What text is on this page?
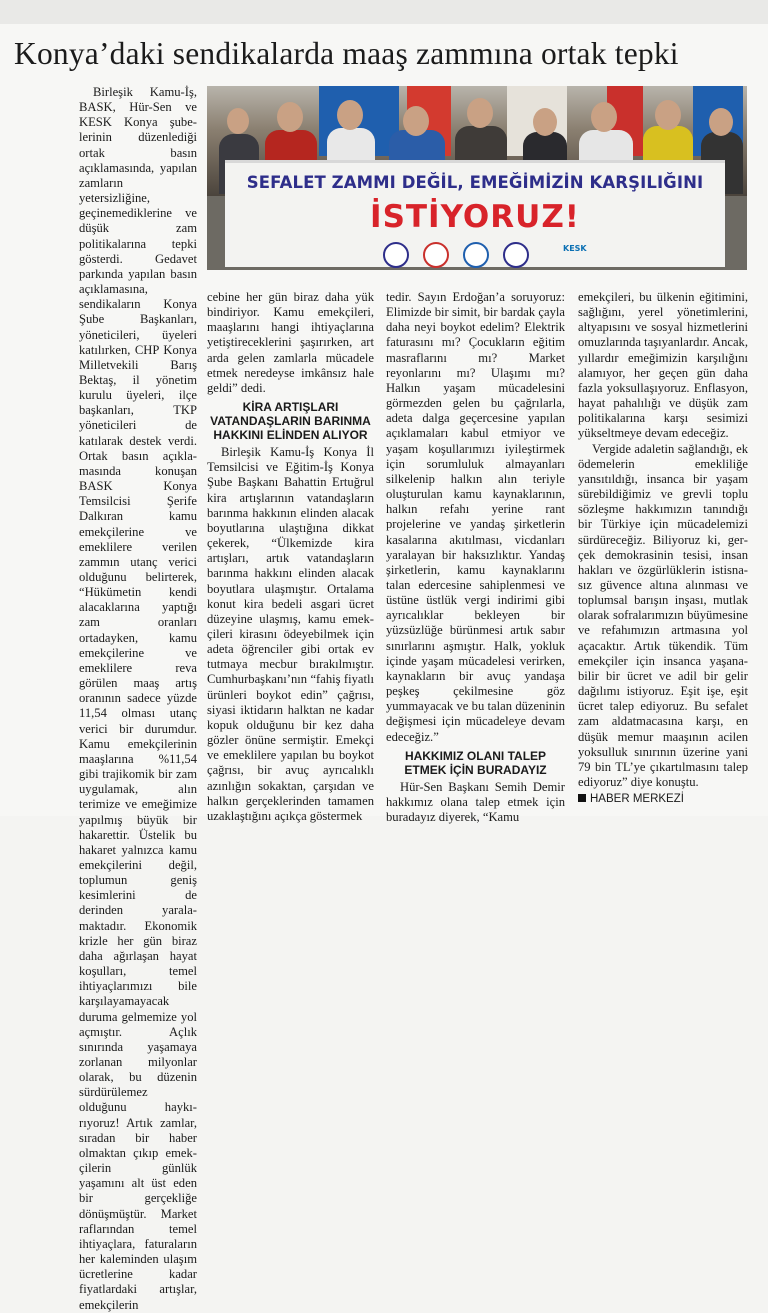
Konya’daki sendikalarda maaş zammına ortak tepki

Birleşik Kamu-İş, BASK, Hür-Sen ve KESK Konya şubelerinin düzenlediği ortak basın açıklamasında, yapılan zamların yetersizliğine, geçinemediklerine ve düşük zam politikalarına tepki gösterdi. Gedavet parkında yapılan basın açıklamasına, sendikaların Konya Şube Başkanları, yöneticileri, üyeleri katılırken, CHP Konya Milletvekili Barış Bektaş, il yönetim kurulu üyeleri, ilçe başkanları, TKP yöneticileri de katılarak destek verdi. Ortak basın açıklamasında konuşan BASK Konya Temsilcisi Şerife Dalkıran kamu emekçilerine ve emeklilere verilen zammın utanç verici olduğunu belirterek, “Hükümetin kendi alacaklarına yaptığı zam oranları ortadayken, kamu emekçilerine ve emeklilere reva görülen maaş artış oranının sadece yüzde 11,54 olması utanç verici bir durumdur. Kamu emekçilerinin maaşlarına %11,54 gibi trajikomik bir zam uygulamak, alın terimize ve emeğimize yapılmış büyük bir hakarettir. Üstelik bu hakaret yalnızca kamu emekçilerini değil, toplumun geniş kesimlerini de derinden yaralamaktadır. Ekonomik krizle her gün biraz daha ağırlaşan hayat koşulları, temel ihtiyaçlarımızı bile karşılayamayacak duruma gelmemize yol açmıştır. Açlık sınırında yaşamaya zorlanan milyonlar olarak, bu düzenin sürdürülemez olduğunu haykırıyoruz! Artık zamlar, sıradan bir haber olmaktan çıkıp emekçilerin günlük yaşamını alt üst eden bir gerçekliğe dönüşmüştür. Market raflarından temel ihtiyaçlara, faturaların her kaleminden ulaşım ücretlerine kadar fiyatlardaki artışlar, emekçilerin

SEFALET ZAMMI DEĞİL, EMEĞİMİZİN KARŞILIĞINI
İSTİYORUZ!
KESK

cebine her gün biraz daha yük bindiriyor. Kamu emekçileri, maaşlarını hangi ihtiyaçlarına yetiştireceklerini şaşırırken, art arda gelen zamlarla mücadele etmek neredeyse imkânsız hale geldi” dedi.

KİRA ARTIŞLARI VATANDAŞLARIN BARINMA HAKKINI ELİNDEN ALIYOR

Birleşik Kamu-İş Konya İl Temsilcisi ve Eğitim-İş Konya Şube Başkanı Bahattin Ertuğrul kira artışlarının vatandaşların barınma hakkının elinden alacak boyutlarına ulaştığına dikkat çekerek, “Ülkemizde kira artışları, artık vatandaşların barınma hakkını elinden alacak boyutlara ulaşmıştır. Ortalama konut kira bedeli asgari ücret düzeyine ulaşmış, kamu emekçileri kirasını ödeyebilmek için adeta öğrenciler gibi ortak ev tutmaya mecbur bırakılmıştır. Cumhurbaşkanı’nın “fahiş fiyatlı ürünleri boykot edin” çağrısı, siyasi iktidarın halktan ne kadar kopuk olduğunu bir kez daha gözler önüne sermiştir. Emekçi ve emeklilere yapılan bu boykot çağrısı, bir avuç ayrıcalıklı azınlığın sokaktan, çarşıdan ve halkın gerçeklerinden tamamen uzaklaştığını açıkça göstermek

tedir. Sayın Erdoğan’a soruyoruz: Elimizde bir simit, bir bardak çayla daha neyi boykot edelim? Elektrik faturasını mı? Çocukların eğitim masraflarını mı? Market reyonlarını mı? Ulaşımı mı? Halkın yaşam mücadelesini görmezden gelen bu çağrılarla, adeta dalga geçercesine yapılan açıklamaları kabul etmiyor ve yaşam koşullarımızı iyileştirmek için sorumluluk almayanları silkelenip halkın alın teriyle oluşturulan kamu kaynaklarının, halkın refahı yerine rant projelerine ve yandaş şirketlerin kasalarına akıtılması, vicdanları yaralayan bir haksızlıktır. Yandaş şirketlerin, kamu kaynaklarını talan edercesine sahiplenmesi ve üstüne üstlük vergi indirimi gibi ayrıcalıklar bekleyen bir yüzsüzlüğe bürünmesi artık sabır sınırlarını aşmıştır. Halk, yokluk içinde yaşam mücadelesi verirken, kaynakların bir avuç yandaşa peşkeş çekilmesine göz yummayacak ve bu talan düzeninin değişmesi için mücadeleye devam edeceğiz.”

HAKKIMIZ OLANI TALEP ETMEK İÇİN BURADAYIZ

Hür-Sen Başkanı Semih Demir hakkımız olana talep etmek için buradayız diyerek, “Kamu

emekçileri, bu ülkenin eğitimini, sağlığını, yerel yönetimlerini, altyapısını ve sosyal hizmetlerini omuzlarında taşıyanlardır. Ancak, yıllardır emeğimizin karşılığını alamıyor, her geçen gün daha fazla yoksullaşıyoruz. Enflasyon, hayat pahalılığı ve düşük zam politikalarına karşı sesimizi yükseltmeye devam edeceğiz.

Vergide adaletin sağlandığı, ek ödemelerin emekliliğe yansıtıldığı, insanca bir yaşam sürebildiğimiz ve grevli toplu sözleşme hakkımızın tanındığı bir Türkiye için mücadelemizi sürdüreceğiz. Biliyoruz ki, gerçek demokrasinin tesisi, insan hakları ve özgürlüklerin istisnasız güvence altına alınması ve toplumsal barışın inşası, mutlak olarak sofralarımızın büyümesine ve refahımızın artmasına yol açacaktır. Artık tükendik. Tüm emekçiler için insanca yaşanabilir bir ücret ve adil bir gelir dağılımı istiyoruz. Eşit işe, eşit ücret talep ediyoruz. Bu sefalet zam aldatmacasına karşı, en düşük memur maaşının acilen yoksulluk sınırının üzerine yani 79 bin TL’ye çıkartılmasını talep ediyoruz” diye konuştu.

HABER MERKEZİ
